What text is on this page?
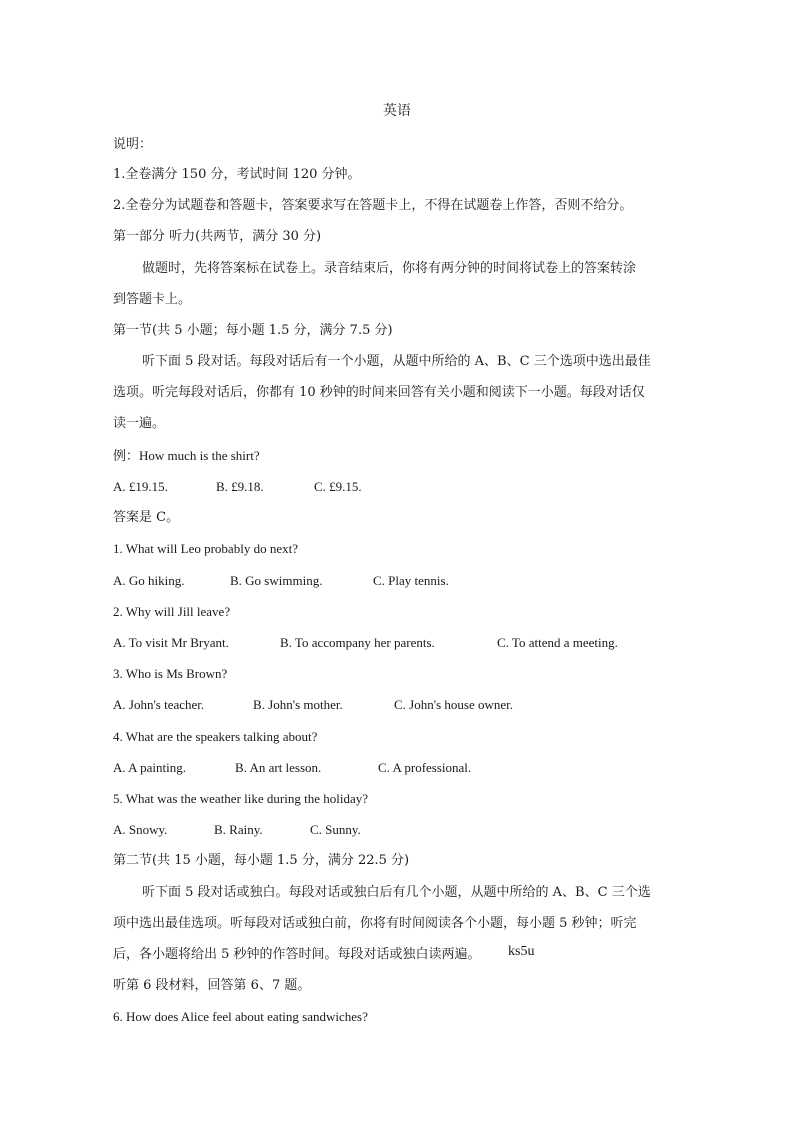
英语
说明：
1.全卷满分 150 分，考试时间 120 分钟。
2.全卷分为试题卷和答题卡，答案要求写在答题卡上，不得在试题卷上作答，否则不给分。
第一部分 听力(共两节，满分 30 分)
做题时，先将答案标在试卷上。录音结束后，你将有两分钟的时间将试卷上的答案转涂
到答题卡上。
第一节(共 5 小题；每小题 1.5 分，满分 7.5 分)
听下面 5 段对话。每段对话后有一个小题，从题中所给的 A、B、C 三个选项中选出最佳
选项。听完每段对话后，你都有 10 秒钟的时间来回答有关小题和阅读下一小题。每段对话仅
读一遍。
例：How much is the shirt?
A. £19.15.	B. £9.18.	C. £9.15.
答案是 C。
1. What will Leo probably do next?
A. Go hiking.	B. Go swimming.	C. Play tennis.
2. Why will Jill leave?
A. To visit Mr Bryant.	B. To accompany her parents.	C. To attend a meeting.
3. Who is Ms Brown?
A. John's teacher.	B. John's mother.	C. John's house owner.
4. What are the speakers talking about?
A. A painting.	B. An art lesson.	C. A professional.
5. What was the weather like during the holiday?
A. Snowy.	B. Rainy.	C. Sunny.
第二节(共 15 小题，每小题 1.5 分，满分 22.5 分)
听下面 5 段对话或独白。每段对话或独白后有几个小题，从题中所给的 A、B、C 三个选
项中选出最佳选项。听每段对话或独白前，你将有时间阅读各个小题，每小题 5 秒钟；听完
后，各小题将给出 5 秒钟的作答时间。每段对话或独白读两遍。 ks5u
听第 6 段材料，回答第 6、7 题。
6. How does Alice feel about eating sandwiches?
